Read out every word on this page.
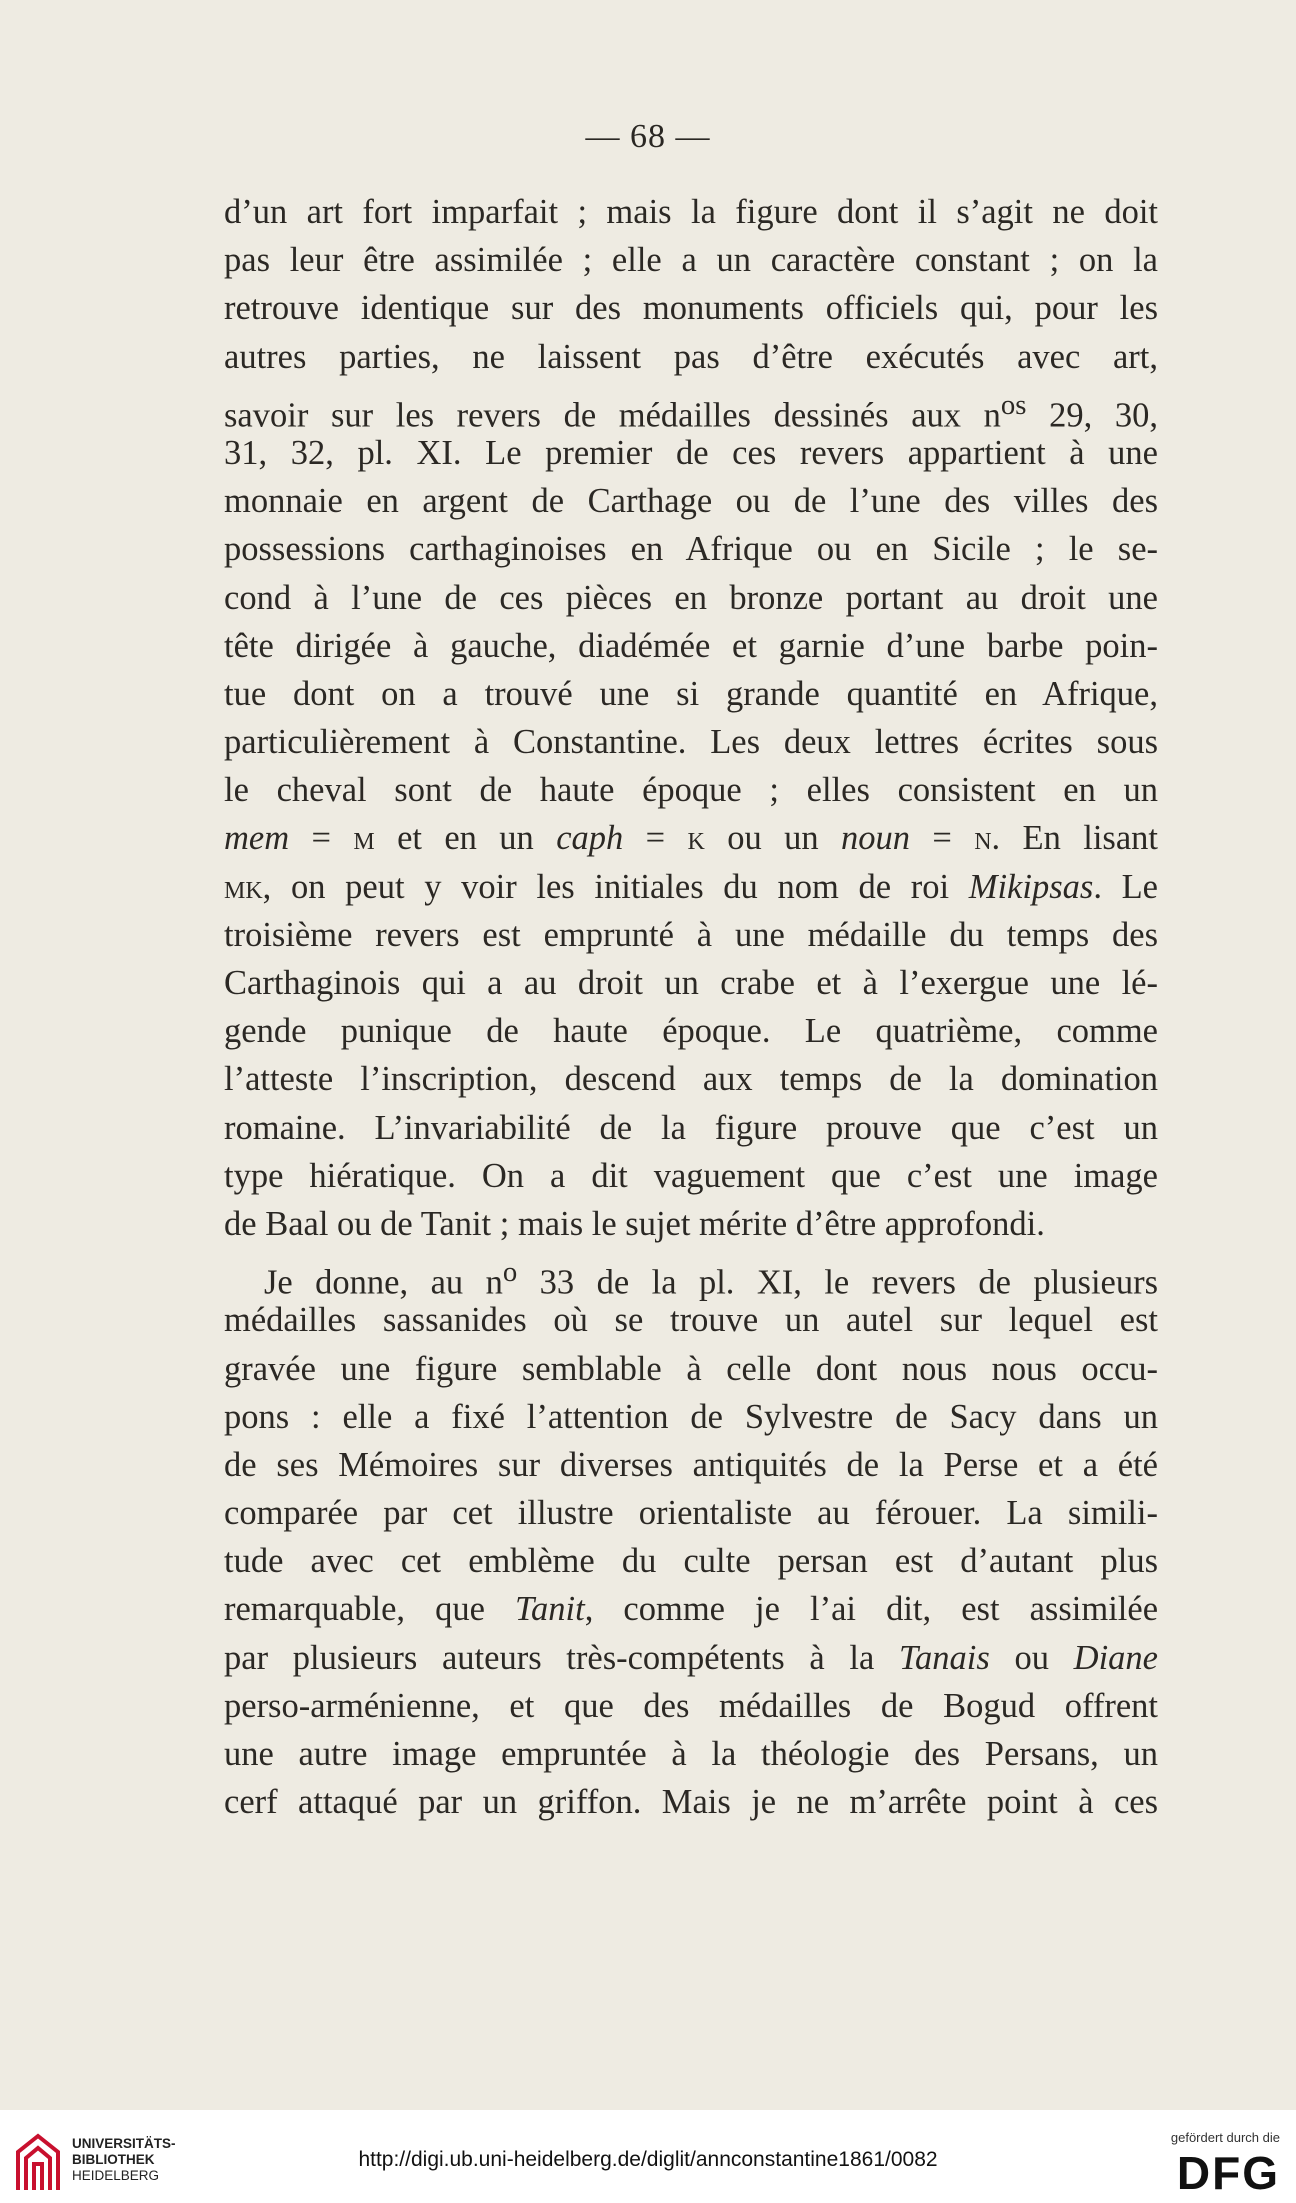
— 68 —
d’un art fort imparfait ; mais la figure dont il s’agit ne doit
pas leur être assimilée ; elle a un caractère constant ; on la
retrouve identique sur des monuments officiels qui, pour les
autres parties, ne laissent pas d’être exécutés avec art,
savoir sur les revers de médailles dessinés aux $n^{os}$ 29, 30,
31, 32, pl. XI. Le premier de ces revers appartient à une
monnaie en argent de Carthage ou de l’une des villes des
possessions carthaginoises en Afrique ou en Sicile ; le se-
cond à l’une de ces pièces en bronze portant au droit une
tête dirigée à gauche, diadémée et garnie d’une barbe poin-
tue dont on a trouvé une si grande quantité en Afrique,
particulièrement à Constantine. Les deux lettres écrites sous
le cheval sont de haute époque ; elles consistent en un
mem = m et en un caph = k ou un noun = n. En lisant
mk, on peut y voir les initiales du nom de roi Mikipsas. Le
troisième revers est emprunté à une médaille du temps des
Carthaginois qui a au droit un crabe et à l’exergue une lé-
gende punique de haute époque. Le quatrième, comme
l’atteste l’inscription, descend aux temps de la domination
romaine. L’invariabilité de la figure prouve que c’est un
type hiératique. On a dit vaguement que c’est une image
de Baal ou de Tanit ; mais le sujet mérite d’être approfondi.
Je donne, au $n^o$ 33 de la pl. XI, le revers de plusieurs
médailles sassanides où se trouve un autel sur lequel est
gravée une figure semblable à celle dont nous nous occu-
pons : elle a fixé l’attention de Sylvestre de Sacy dans un
de ses Mémoires sur diverses antiquités de la Perse et a été
comparée par cet illustre orientaliste au férouer. La simili-
tude avec cet emblème du culte persan est d’autant plus
remarquable, que Tanit, comme je l’ai dit, est assimilée
par plusieurs auteurs très-compétents à la Tanais ou Diane
perso-arménienne, et que des médailles de Bogud offrent
une autre image empruntée à la théologie des Persans, un
cerf attaqué par un griffon. Mais je ne m’arrête point à ces
UNIVERSITÄTS-
BIBLIOTHEK
HEIDELBERG
http://digi.ub.uni-heidelberg.de/diglit/annconstantine1861/0082
gefördert durch die
DFG
